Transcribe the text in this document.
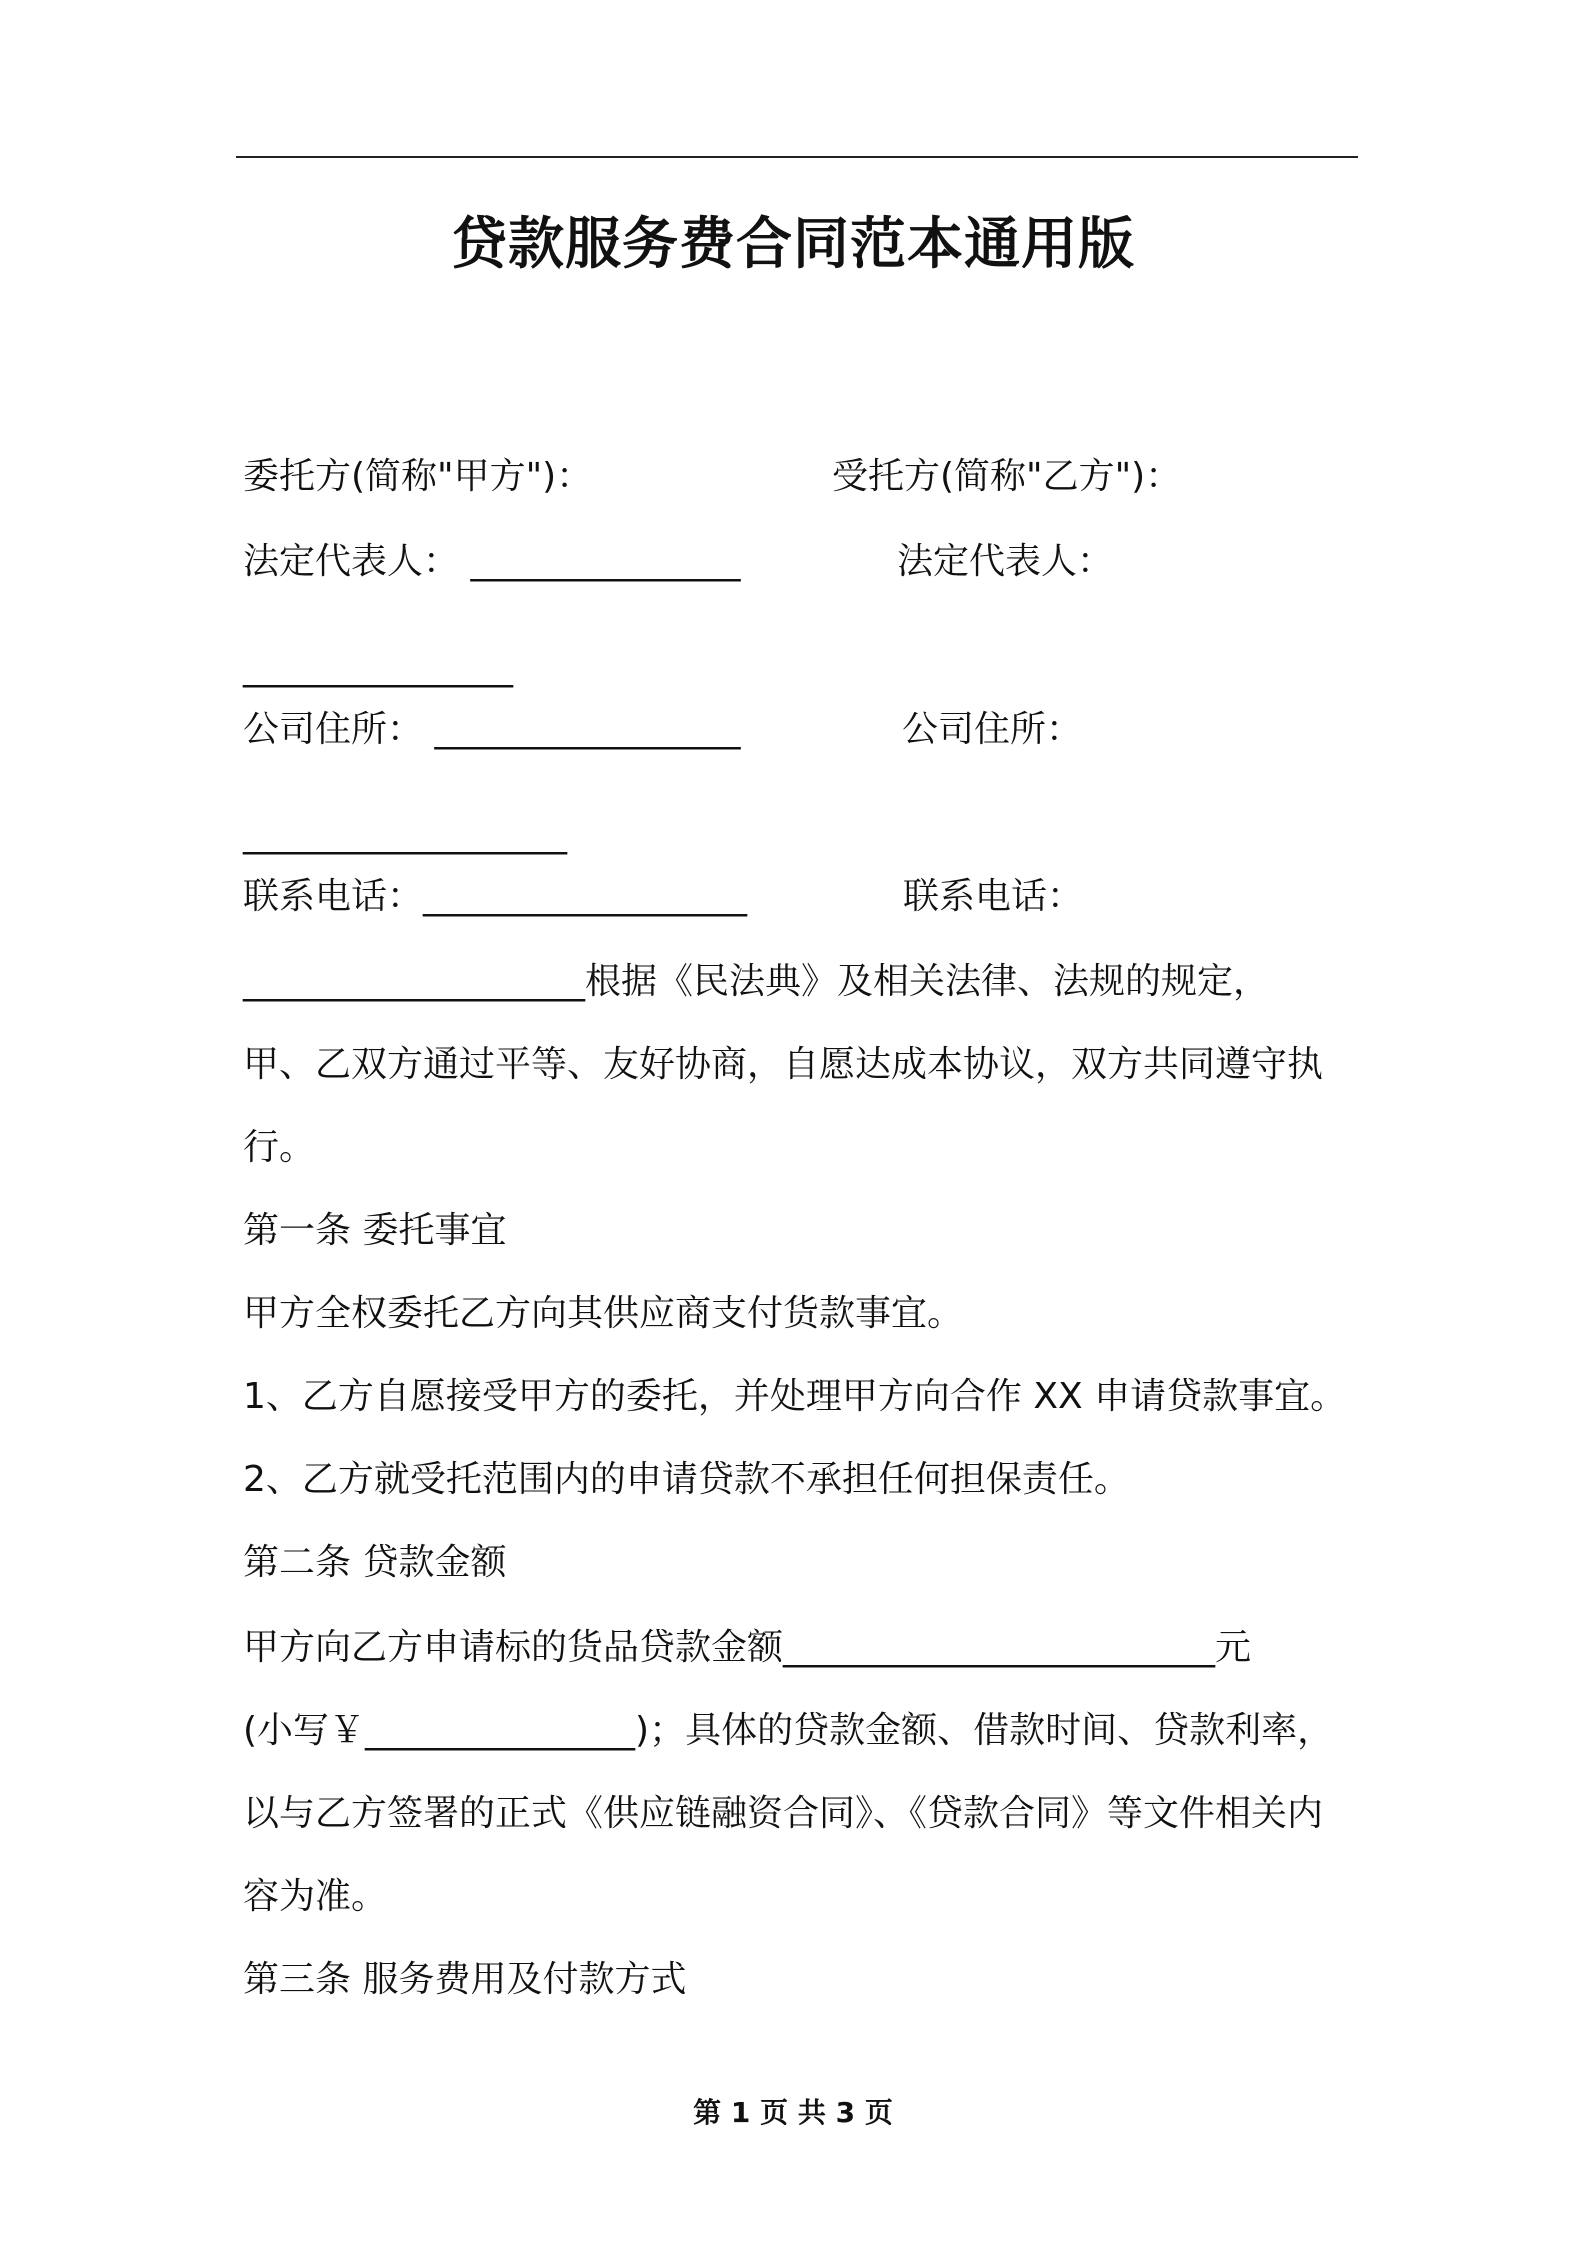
贷款服务费合同范本通用版
委托方(简称"甲方")：	受托方(简称"乙方")：
法定代表人： _______________	法定代表人：
_______________
公司住所： _________________	公司住所：
__________________
联系电话：__________________	联系电话：
___________________根据《民法典》及相关法律、法规的规定，
甲、乙双方通过平等、友好协商，自愿达成本协议，双方共同遵守执
行。
第一条 委托事宜
甲方全权委托乙方向其供应商支付货款事宜。
1、乙方自愿接受甲方的委托，并处理甲方向合作 XX 申请贷款事宜。
2、乙方就受托范围内的申请贷款不承担任何担保责任。
第二条 贷款金额
甲方向乙方申请标的货品贷款金额________________________元
(小写￥_______________)；具体的贷款金额、借款时间、贷款利率，
以与乙方签署的正式《供应链融资合同》、《贷款合同》等文件相关内
容为准。
第三条 服务费用及付款方式
第 1 页 共 3 页
